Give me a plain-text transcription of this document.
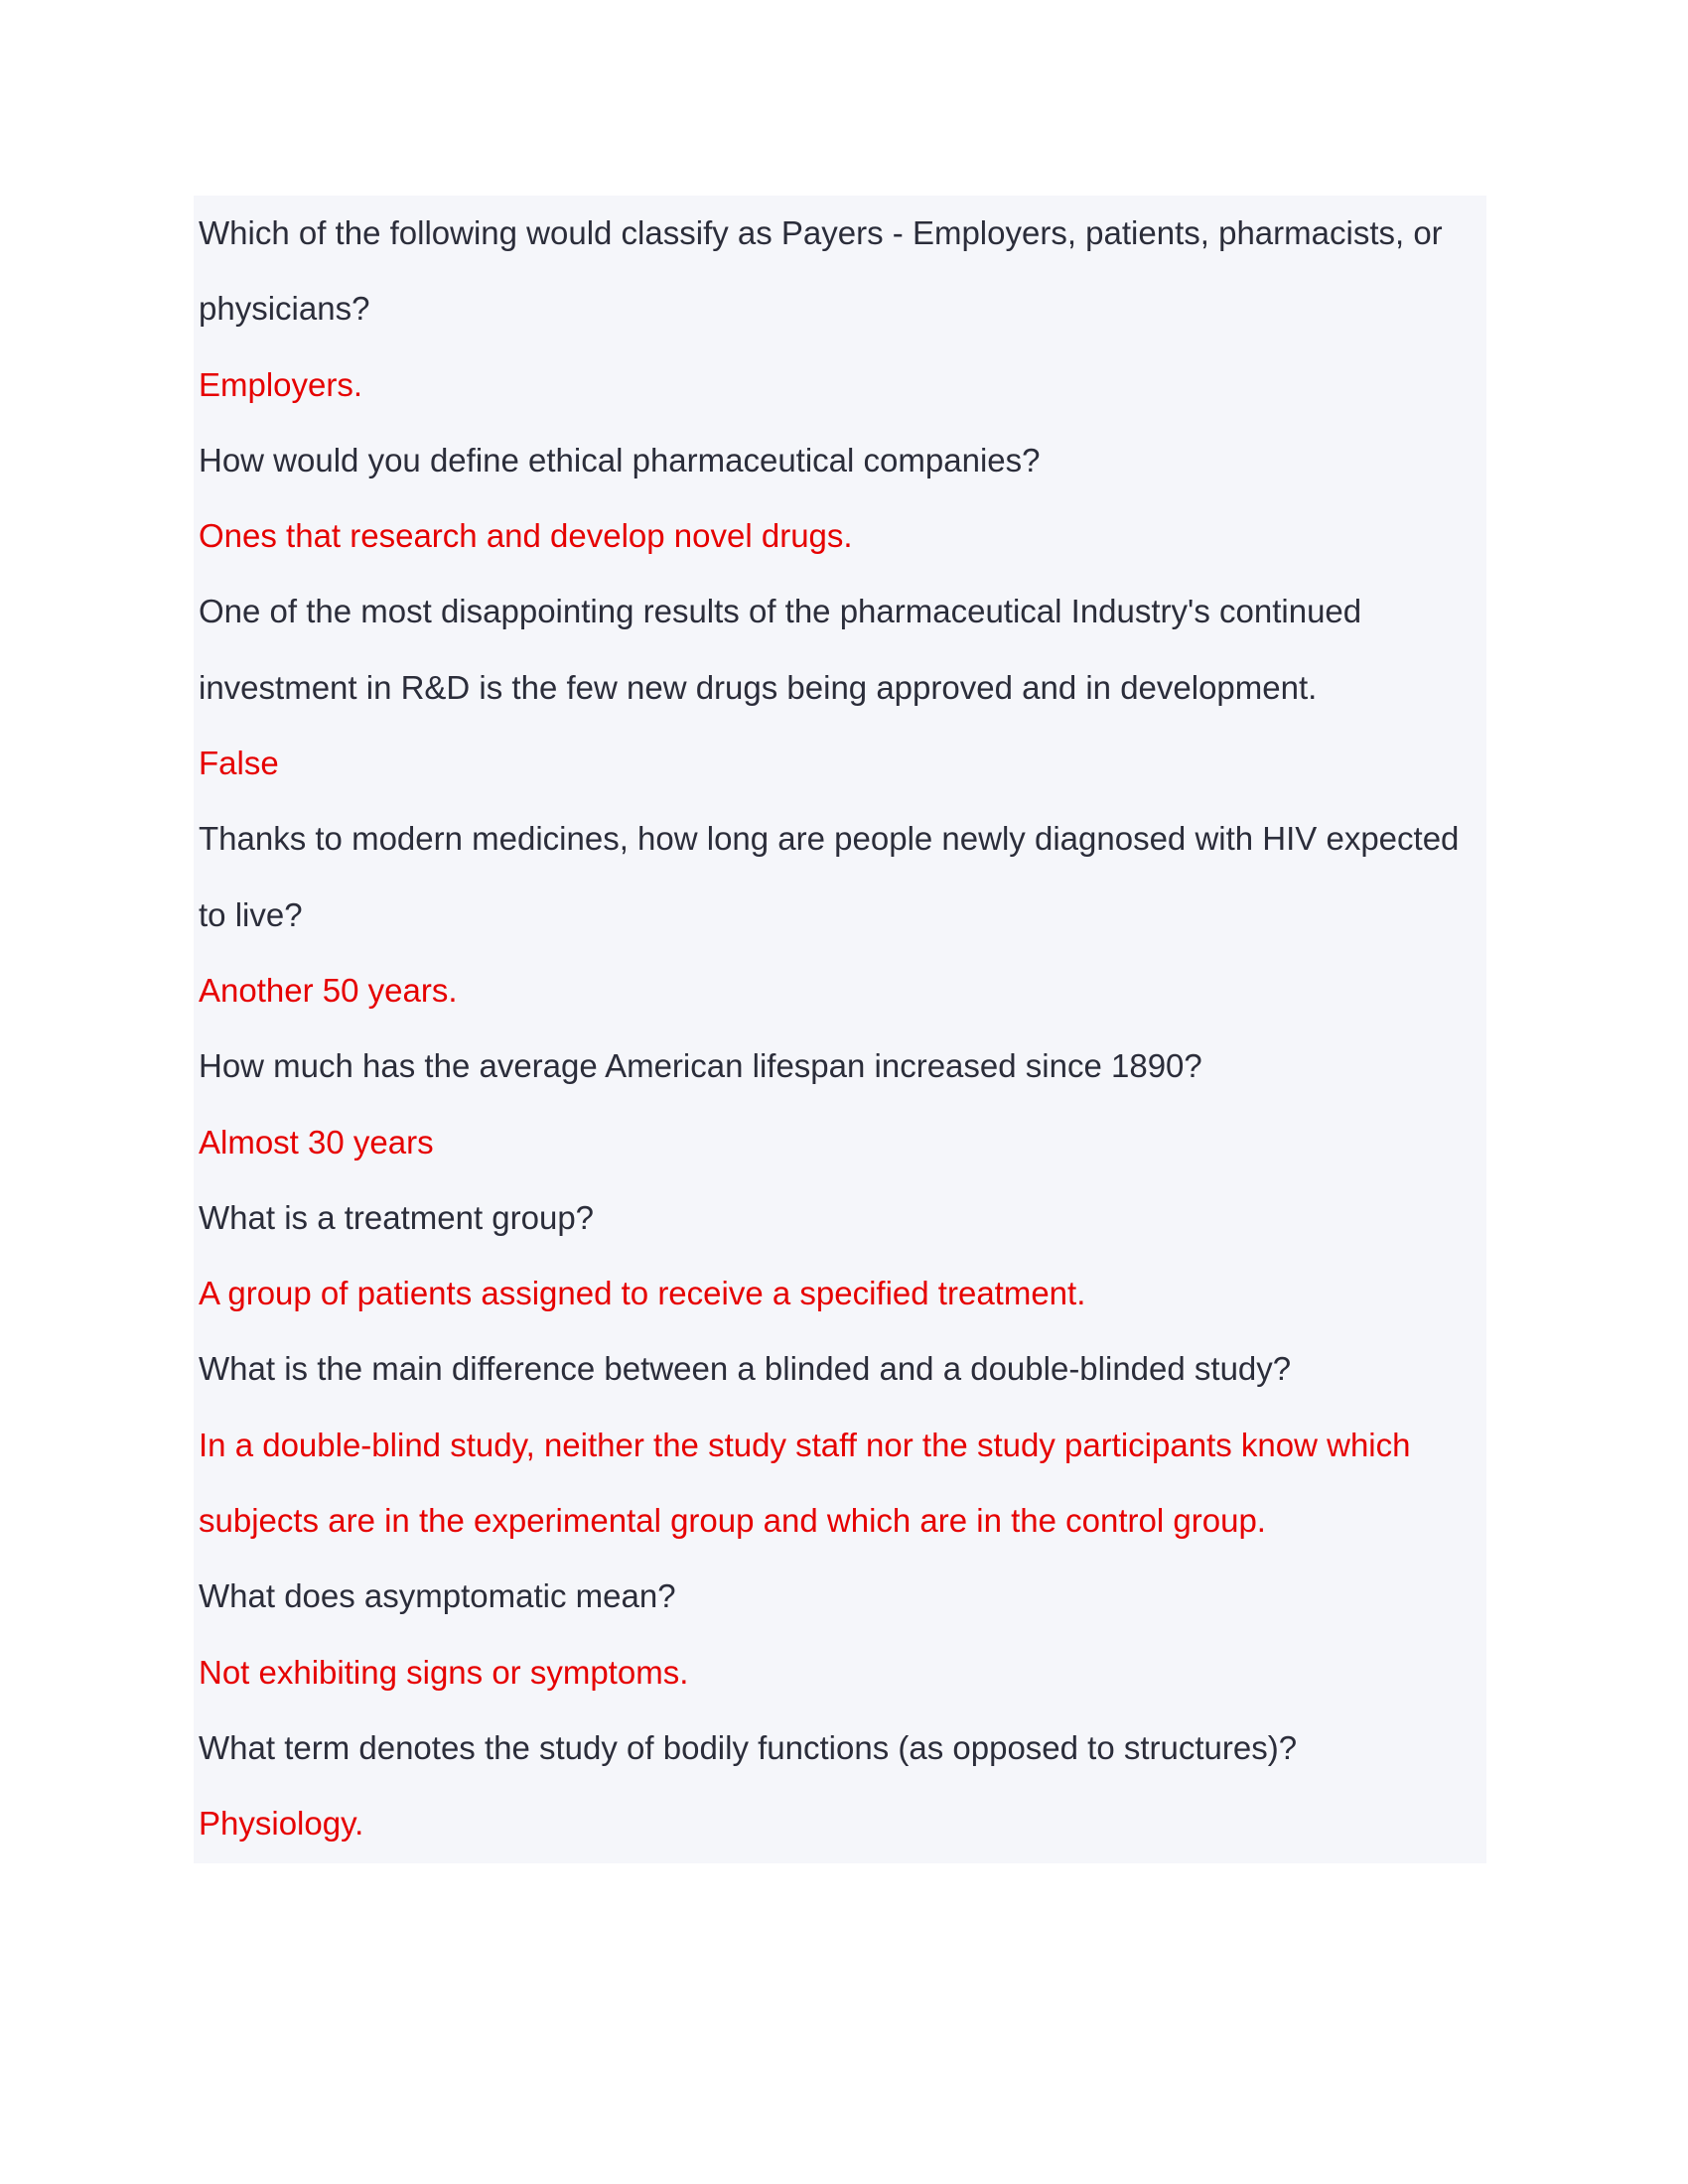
Which of the following would classify as Payers - Employers, patients, pharmacists, or
physicians?
Employers.
How would you define ethical pharmaceutical companies?
Ones that research and develop novel drugs.
One of the most disappointing results of the pharmaceutical Industry's continued
investment in R&D is the few new drugs being approved and in development.
False
Thanks to modern medicines, how long are people newly diagnosed with HIV expected
to live?
Another 50 years.
How much has the average American lifespan increased since 1890?
Almost 30 years
What is a treatment group?
A group of patients assigned to receive a specified treatment.
What is the main difference between a blinded and a double-blinded study?
In a double-blind study, neither the study staff nor the study participants know which
subjects are in the experimental group and which are in the control group.
What does asymptomatic mean?
Not exhibiting signs or symptoms.
What term denotes the study of bodily functions (as opposed to structures)?
Physiology.
